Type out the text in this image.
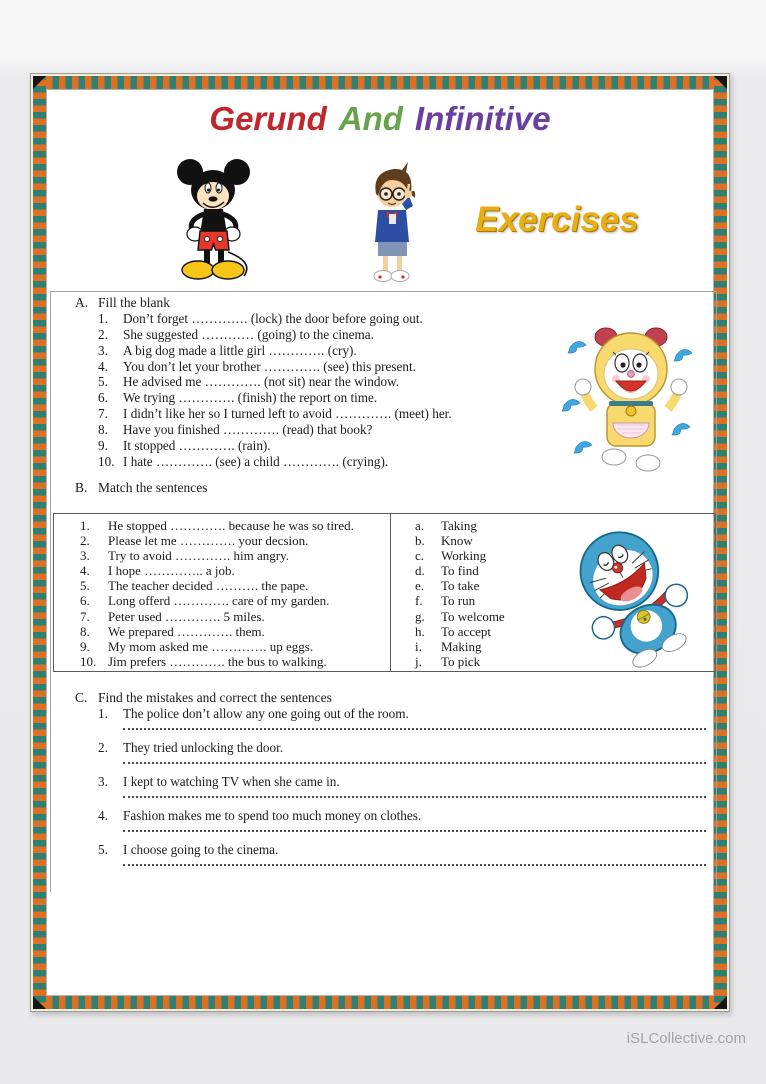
Gerund And Infinitive
Exercises
A. Fill the blank
1.	Don’t forget …………. (lock) the door before going out.
2.	She suggested ………… (going) to the cinema.
3.	A big dog made a little girl …………. (cry).
4.	You don’t let your brother …………. (see) this present.
5.	He advised me …………. (not sit) near the window.
6.	We trying …………. (finish) the report on time.
7.	I didn’t like her so I turned left to avoid …………. (meet) her.
8.	Have you finished …………. (read) that book?
9.	It stopped …………. (rain).
10. I hate …………. (see) a child …………. (crying).
B. Match the sentences
1.	He stopped …………. because he was so tired.
2.	Please let me …………. your decsion.
3.	Try to avoid …………. him angry.
4.	I hope ………….. a job.
5.	The teacher decided ………. the pape.
6.	Long offerd …………. care of my garden.
7.	Peter used …………. 5 miles.
8.	We prepared …………. them.
9.	My mom asked me …………. up eggs.
10. Jim prefers …………. the bus to walking.
a.	Taking
b.	Know
c.	Working
d.	To find
e.	To take
f.	To run
g.	To welcome
h.	To accept
i.	Making
j.	To pick
C. Find the mistakes and correct the sentences
1.	The police don’t allow any one going out of the room.
2.	They tried unlocking the door.
3.	I kept to watching TV when she came in.
4.	Fashion makes me to spend too much money on clothes.
5.	I choose going to the cinema.
iSLCollective.com
